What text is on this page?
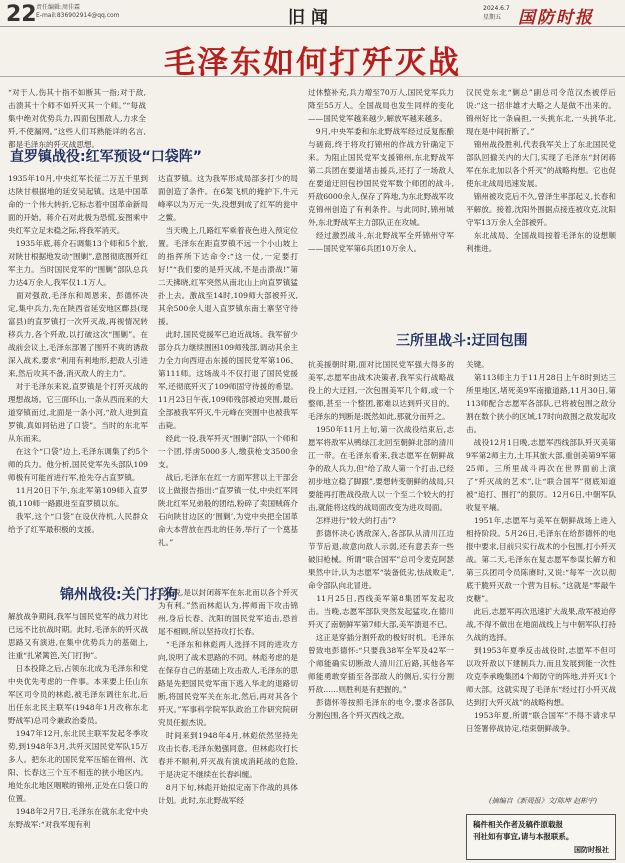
22 责任编辑:周佳霖
E-mail:836902914@qq.com	旧闻	2024.6.7
星期五 国防时报
毛泽东如何打歼灭战
“对于人,伤其十指不如断其一指;对于敌,击溃其十个师不如歼灭其一个师。”“每战集中绝对优势兵力,四面包围敌人,力求全歼,不使漏网。”这些人们耳熟能详的名言,都是毛泽东的歼灭战思想。
直罗镇战役:红军预设“口袋阵”
1935年10月,中央红军长征二万五千里到达陕甘根据地的延安吴起镇。这是中国革命的一个伟大转折,它标志着中国革命新局面的开始。蒋介石对此极为恐慌,妄图乘中央红军立足未稳之际,将我军消灭。
　1935年底,蒋介石调集13个师和5个旅,对陕甘根据地发动“围剿”,意图彻底围歼红军主力。当时国民党军的“围剿”部队总兵力达4万余人,我军仅1.1万人。
　面对强敌,毛泽东和周恩来、彭德怀决定,集中兵力,先在陕西省延安地区鄜县(现富县)的直罗镇打一次歼灭战,再视情况转移兵力,各个歼敌,以打破这次“围剿”。在战前会议上,毛泽东部署了围歼不爽的诱敌深入战术,要求“利用有利地形,把敌人引进来,然后攻其不备,消灭敌人的主力”。
　对于毛泽东来说,直罗镇是个打歼灭战的理想战场。它三面环山,一条从西而来的大道穿镇而过,北面是一条小河,“敌人进到直罗镇,真如同钻进了口袋”。当时的东北军从东而来。
　在这个“口袋”边上,毛泽东调集了约5个师的兵力。他分析,国民党军先头部队109师极有可能首进行军,抢先夺占直罗镇。
　11月20日下午,东北军第109师入直罗镇,110师一路跟进至直罗镇以东。
　我军,这个“口袋”在设伏待机,人民群众给予了红军最积极的支援。
达直罗镇。这为我军形成局部多打少的局面创造了条件。在6架飞机的掩护下,牛元峰率以为万元一失,没想到成了红军的瓮中之鳖。
　当天晚上,几路红军乘着夜色进入预定位置。毛泽东在距直罗镇不远一个小山坡上的指挥所下达命令:“这一仗,一定要打好!”“我们要的是歼灭战,不是击溃战!”第二天拂晓,红军突然从南北山上向直罗镇猛扑上去。激战至14时,109师大部被歼灭,其余500余人退入直罗镇东南土寨坚守待援。
　此时,国民党援军已迫近战场。我军留少部分兵力继续围困109师残部,调动其余主力全力向西迎击东援的国民党军第106、第111师。这场战斗不仅打退了国民党援军,还彻底歼灭了109师固守待援的希望。11月23日午夜,109师残部被迫突围,最后全部被我军歼灭,牛元峰在突围中也被我军击毙。
　经此一役,我军歼灭“围剿”部队一个师和一个团,俘虏5000多人,缴获枪支3500余支。
　战后,毛泽东在红一方面军营以上干部会议上做报告指出:“直罗镇一仗,中央红军同陕北红军兄弟般的团结,粉碎了卖国贼蒋介石向陕甘边区的‘围剿’,为党中央把全国革命大本营放在西北的任务,举行了一个奠基礼。”
锦州战役:关门打狗
解放战争期间,我军与国民党军的战力对比已远不比抗战时期。此时,毛泽东的歼灭战思路又有演进,在集中优势兵力的基础上,注重“扎紧篱笆,关门打狗”。
　日本投降之后,占领东北成为毛泽东和党中央优先考虑的一件事。本来要上任山东军区司令员的林彪,被毛泽东调往东北,后出任东北民主联军(1948年1月改称东北野战军)总司令兼政治委员。
　1947年12月,东北民主联军发起冬季攻势,到1948年3月,共歼灭国民党军队15万多人。把东北的国民党军压缩在锦州、沈阳、长春这三个互不相连的狭小地区内。地处东北地区咽喉的锦州,正处在口袋口的位置。
　1948年2月7日,毛泽东在就东北党中央东野战军:“对我军现有利
益来说,是以封闭蒋军在东北而以各个歼灭为有利。”然而林彪认为,挥师南下攻击锦州,身后长春、沈阳的国民党军追击,恐首尾不相顾,所以坚持攻打长春。
　“毛泽东和林彪两人选择不同的进攻方向,说明了战术思路的不同。林彪考虑的是在保存自己的基础上攻击敌人,毛泽东的思路是先把国民党军南下逃入华北的退路切断,将国民党军关在东北,然后,再对其各个歼灭。”军事科学院军队政治工作研究院研究员任振杰说。
　时间来到1948年4月,林彪依然坚持先攻击长春,毛泽东勉强同意。但林彪攻打长春并不顺利,歼灭战有演成消耗战的危险,于是决定不继续在长春纠缠。
　8月下旬,林彪开始拟定南下作战的具体计划。此时,东北野战军经
过休整补充,兵力增至70万人,国民党军兵力降至55万人。全国战局也发生同样的变化——国民党军越来越少,解放军越来越多。
　9月,中央军委和东北野战军经过反复酝酿与磋商,终于将攻打锦州的作战方针确定下来。为阻止国民党军支援锦州,东北野战军第二兵团在要道堵击援兵,还打了一场敌人在要道迂回包抄国民党军数个师团的战斗,歼敌6000余人,保存了阵地,为东北野战军攻克锦州创造了有利条件。与此同时,锦州城外,东北野战军主力部队正在攻城。
　经过激烈战斗,东北野战军全歼锦州守军——国民党军第6兵团10万余人。
汉民党东北“剿总”副总司令范汉杰被俘后说:“这一招非雄才大略之人是做不出来的。锦州好比一条扁担,一头挑东北,一头挑华北,现在是中间折断了。”
　锦州战役胜利,代表我军关上了东北国民党部队回撤关内的大门,实现了毛泽东“封闭蒋军在东北加以各个歼灭”的战略构想。它也促使东北战局迅速发展。
　锦州被攻克后不久,曾泽生率部起义,长春和平解放。接着,沈阳外围据点接连被攻克,沈阳守军13万余人全部被歼。
　东北战局、全国战局按着毛泽东的设想顺利推进。
三所里战斗:迂回包围
抗美援朝时期,面对比国民党军强大得多的美军,志愿军由战术决策者,我军实行战略战役上的大迂回,一次包围美军几个师,或一个整师,甚至一个整团,都难以达到歼灭目的。毛泽东的判断是:既然如此,那就分而歼之。
　1950年11月上旬,第一次战役结束后,志愿军将敌军从鸭绿江北回至朝鲜北部的清川江一带。在毛泽东看来,我志愿军在朝鲜战争的敌人兵力,但“给了敌人第一个打击,已经初步地立稳了脚跟”,要想转变朝鲜的战局,只要能再打胜战役敌人以一个至二个较大的打击,就能将这线的战局面改变为进攻局面。
　怎样进行“较大的打击”?
　彭德怀决心诱敌深入,各部队从清川江边节节后退,故意向敌人示弱,还有意丢弃一些破旧枪械。所谓“联合国军”总司令麦克阿瑟果然中计,认为志愿军“装备低劣,怯战败走”,命令部队向北冒进。
　11月25日,西线美军第8集团军发起攻击。当晚,志愿军部队突然发起猛攻,在德川歼灭了南朝鲜军第7师大部,美军溃退不已。
　这正是穿插分割歼敌的极好时机。毛泽东曾致电彭德怀:“只要我38军全军及42军一个师能确实切断敌人清川江后路,其他各军师能勇敢穿插至各部敌人的侧后,实行分割歼敌……则胜利是有把握的。”
　彭德怀等按照毛泽东的电令,要求各部队分割包围,各个歼灭西线之敌。
关键。
　第113师主力于11月28日上午8时到达三所里地区,堵死美9军南撤道路,11月30日,第113师配合志愿军各部队,已将被包围之敌分割在数个狭小的区域,17时向敌围之敌发起攻击。
　战役12月1日晚,志愿军西线部队歼灭美第9军第2师主力,土耳其旅大部,重创美第9军第25师。三所里战斗再次在世界面前上演了“歼灭战的艺术”,让“联合国军”彻底知道被“追打、围打”的狠厉。12月6日,中朝军队收复平壤。
　1951年,志愿军与美军在朝鲜战场上进入相持阶段。5月26日,毛泽东在给彭德怀的电报中要求,目前只实行战术的小包围,打小歼灭战。第二天,毛泽东在复志愿军参谋长解方和第三兵团司令员陈赓时,又说:“每军一次以彻底干脆歼灭敌一个营为目标。”这就是“零敲牛皮糖”。
　此后,志愿军再次迅速扩大战果,敌军被迫停战,不得不做出在地面战线上与中朝军队打持久战的选择。
　到1953年夏季反击战役时,志愿军不但可以攻歼敌以下建制兵力,而且发展到能一次性攻克李承晚集团4个师防守的阵地,并歼灭1个师大部。这就实现了毛泽东“经过打小歼灭战达到打大歼灭战”的战略构想。
　1953年夏,所谓“联合国军”不得不请求早日签署停战协定,结束朝鲜战争。
(摘编自《新周报》文/陈坤 赵彬宇)
稿件相关作者及稿件原载报
刊社如有事宜,请与本报联系。
国防时报社
